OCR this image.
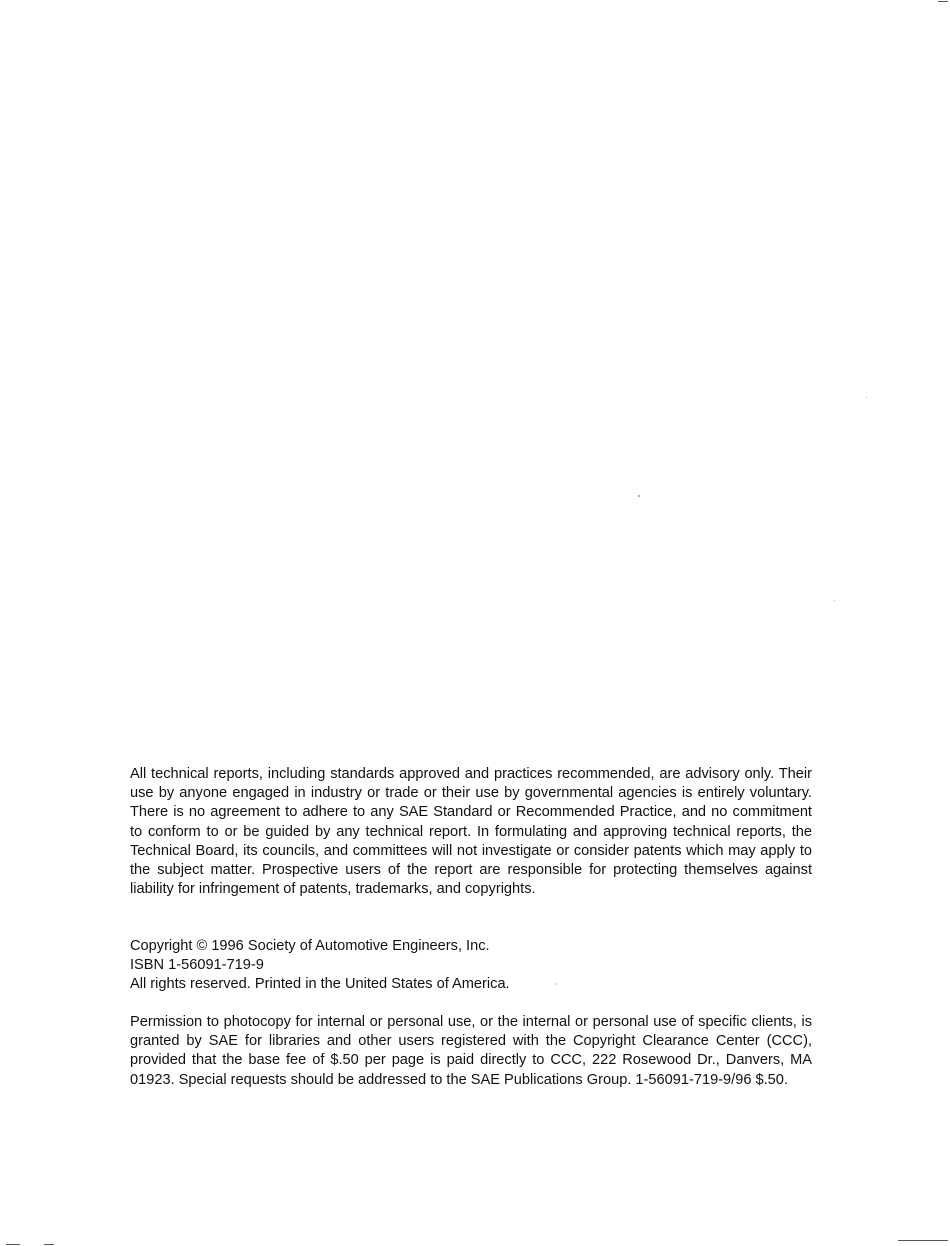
All technical reports, including standards approved and practices recommended, are advisory only. Their use by anyone engaged in industry or trade or their use by governmental agencies is entirely voluntary. There is no agreement to adhere to any SAE Standard or Recommended Practice, and no commitment to conform to or be guided by any technical report. In formulating and approving technical reports, the Technical Board, its councils, and committees will not investigate or consider patents which may apply to the subject matter. Prospective users of the report are responsible for protecting themselves against liability for infringement of patents, trademarks, and copyrights.

Copyright © 1996 Society of Automotive Engineers, Inc.
ISBN 1-56091-719-9
All rights reserved. Printed in the United States of America.

Permission to photocopy for internal or personal use, or the internal or personal use of specific clients, is granted by SAE for libraries and other users registered with the Copyright Clearance Center (CCC), provided that the base fee of $.50 per page is paid directly to CCC, 222 Rosewood Dr., Danvers, MA 01923. Special requests should be addressed to the SAE Publications Group. 1-56091-719-9/96 $.50.
